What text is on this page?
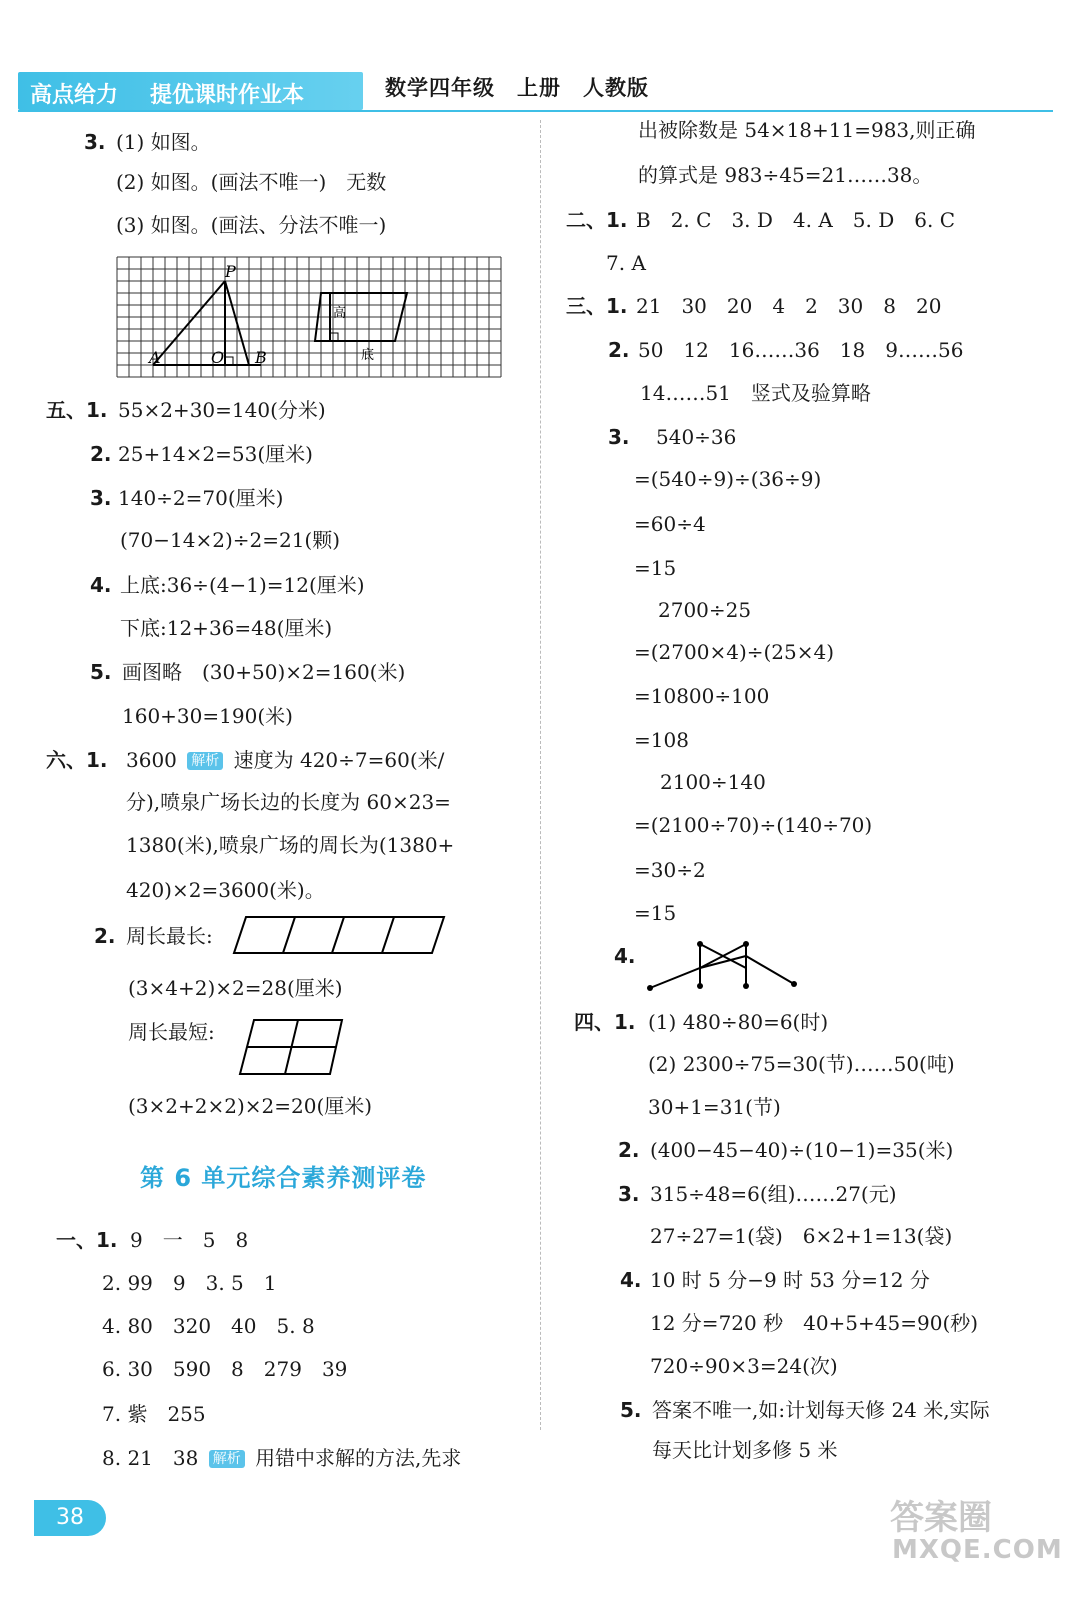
高点给力 提优课时作业本	数学四年级　上册　人教版
3. (1) 如图。
(2) 如图。(画法不唯一)　无数
(3) 如图。(画法、分法不唯一)
P
A	O B
高
底
五、1. 55×2+30=140(分米)
2. 25+14×2=53(厘米)
3. 140÷2=70(厘米)
(70−14×2)÷2=21(颗)
4. 上底:36÷(4−1)=12(厘米)
下底:12+36=48(厘米)
5. 画图略　(30+50)×2=160(米)
160+30=190(米)
六、1. 3600 解析 速度为 420÷7=60(米/
分),喷泉广场长边的长度为 60×23=
1380(米),喷泉广场的周长为(1380+
420)×2=3600(米)。
2. 周长最长:
(3×4+2)×2=28(厘米)
周长最短:
(3×2+2×2)×2=20(厘米)
第 6 单元综合素养测评卷
一、1. 9　一　5　8
2. 99　9　3. 5　1
4. 80　320　40　5. 8
6. 30　590　8　279　39
7. 紫　255
8. 21　38 解析 用错中求解的方法,先求
出被除数是 54×18+11=983,则正确
的算式是 983÷45=21……38。
二、1. B　2. C　3. D　4. A　5. D　6. C
7. A
三、1. 21　30　20　4　2　30　8　20
2. 50　12　16……36　18　9……56
14……51　竖式及验算略
3. 540÷36
=(540÷9)÷(36÷9)
=60÷4
=15
2700÷25
=(2700×4)÷(25×4)
=10800÷100
=108
2100÷140
=(2100÷70)÷(140÷70)
=30÷2
=15
4.
四、1. (1) 480÷80=6(时)
(2) 2300÷75=30(节)……50(吨)
30+1=31(节)
2. (400−45−40)÷(10−1)=35(米)
3. 315÷48=6(组)……27(元)
27÷27=1(袋)　6×2+1=13(袋)
4. 10 时 5 分−9 时 53 分=12 分
12 分=720 秒　40+5+45=90(秒)
720÷90×3=24(次)
5. 答案不唯一,如:计划每天修 24 米,实际
每天比计划多修 5 米
38	答案圈
MXQE.COM
